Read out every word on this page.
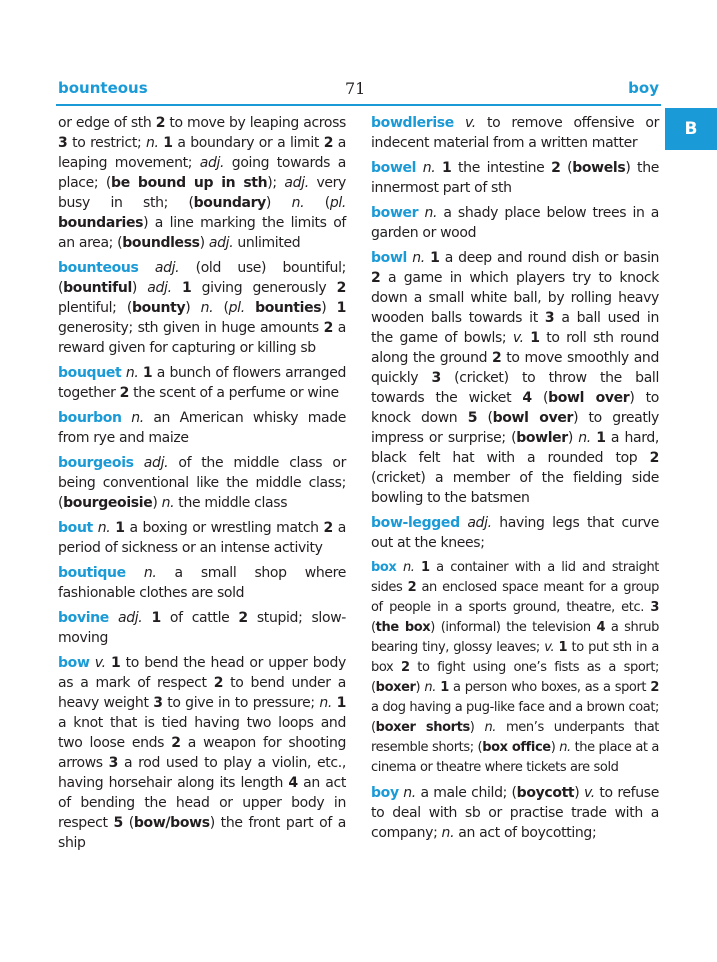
bounteous	71	boy
B
or edge of sth 2 to move by leaping across 3 to restrict; n. 1 a boundary or a limit 2 a leaping movement; adj. going towards a place; (be bound up in sth); adj. very busy in sth; (boundary) n. (pl. boundaries) a line marking the limits of an area; (boundless) adj. unlimited
bounteous adj. (old use) bountiful; (bountiful) adj. 1 giving generously 2 plentiful; (bounty) n. (pl. bounties) 1 generosity; sth given in huge amounts 2 a reward given for capturing or killing sb
bouquet n. 1 a bunch of flowers arranged together 2 the scent of a perfume or wine
bourbon n. an American whisky made from rye and maize
bourgeois adj. of the middle class or being conventional like the middle class; (bourgeoisie) n. the middle class
bout n. 1 a boxing or wrestling match 2 a period of sickness or an intense activity
boutique n. a small shop where fashionable clothes are sold
bovine adj. 1 of cattle 2 stupid; slow-moving
bow v. 1 to bend the head or upper body as a mark of respect 2 to bend under a heavy weight 3 to give in to pressure; n. 1 a knot that is tied having two loops and two loose ends 2 a weapon for shooting arrows 3 a rod used to play a violin, etc., having horsehair along its length 4 an act of bending the head or upper body in respect 5 (bow/bows) the front part of a ship
bowdlerise v. to remove offensive or indecent material from a written matter
bowel n. 1 the intestine 2 (bowels) the innermost part of sth
bower n. a shady place below trees in a garden or wood
bowl n. 1 a deep and round dish or basin 2 a game in which players try to knock down a small white ball, by rolling heavy wooden balls towards it 3 a ball used in the game of bowls; v. 1 to roll sth round along the ground 2 to move smoothly and quickly 3 (cricket) to throw the ball towards the wicket 4 (bowl over) to knock down 5 (bowl over) to greatly impress or surprise; (bowler) n. 1 a hard, black felt hat with a rounded top 2 (cricket) a member of the fielding side bowling to the batsmen
bow-legged adj. having legs that curve out at the knees;
box n. 1 a container with a lid and straight sides 2 an enclosed space meant for a group of people in a sports ground, theatre, etc. 3 (the box) (informal) the television 4 a shrub bearing tiny, glossy leaves; v. 1 to put sth in a box 2 to fight using one’s fists as a sport; (boxer) n. 1 a person who boxes, as a sport 2 a dog having a pug-like face and a brown coat; (boxer shorts) n. men’s underpants that resemble shorts; (box office) n. the place at a cinema or theatre where tickets are sold
boy n. a male child; (boycott) v. to refuse to deal with sb or practise trade with a company; n. an act of boycotting;
